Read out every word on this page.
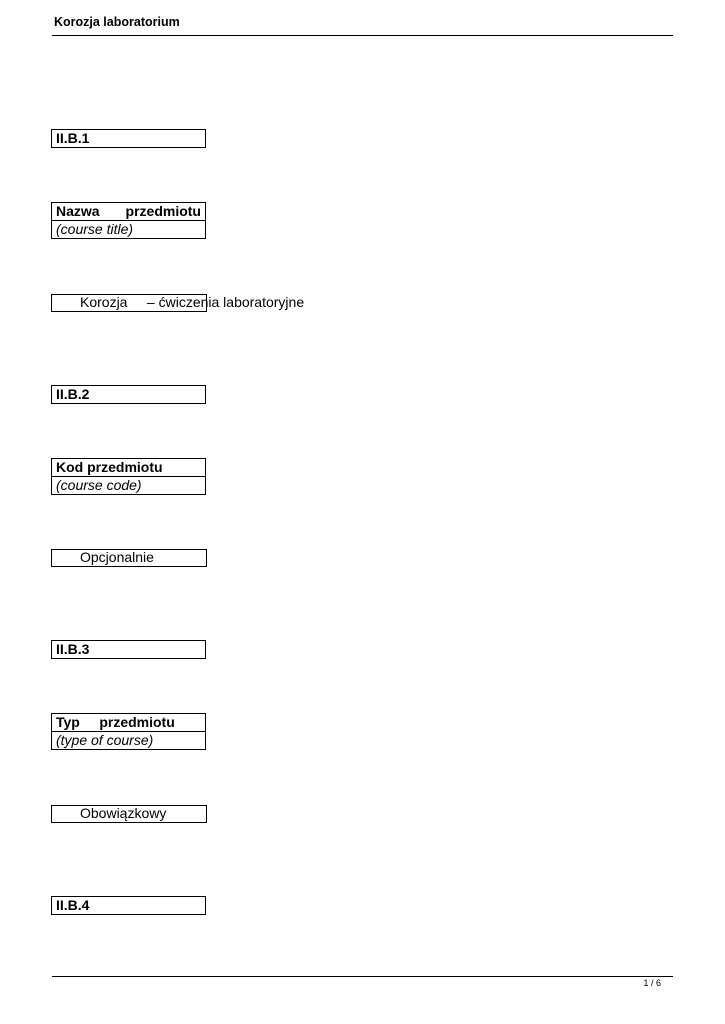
Korozja laboratorium
II.B.1
Nazwa przedmiotu
(course title)
Korozja     – ćwiczenia laboratoryjne
II.B.2
Kod przedmiotu
(course code)
Opcjonalnie
II.B.3
Typ przedmiotu
(type of course)
Obowiązkowy
II.B.4
1 / 6
